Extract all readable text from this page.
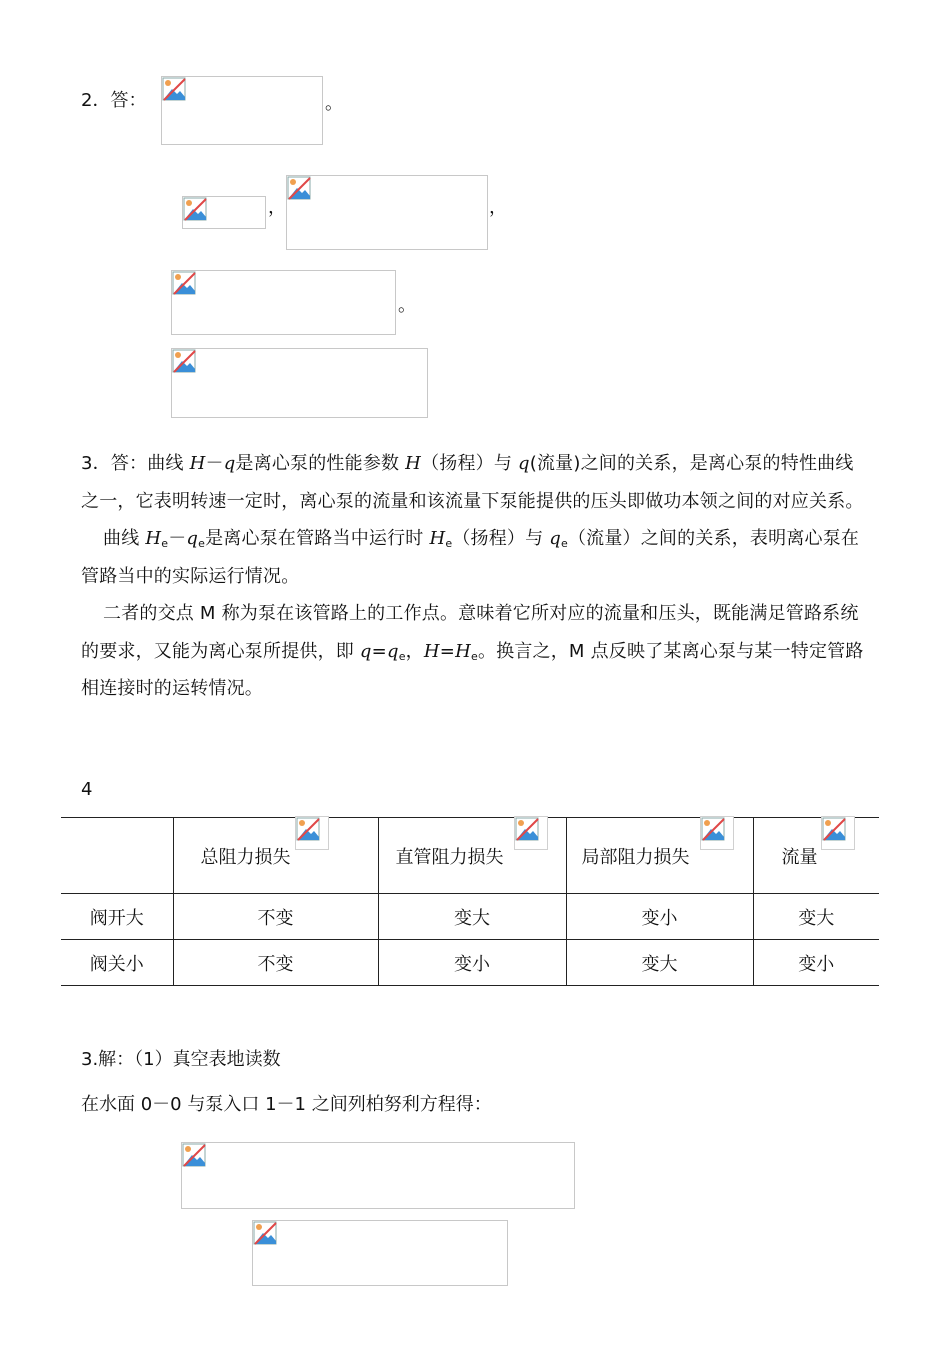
2．答：	。
，	，
。

3．答：曲线 H－q是离心泵的性能参数 H（扬程）与 q(流量)之间的关系，是离心泵的特性曲线之一，它表明转速一定时，离心泵的流量和该流量下泵能提供的压头即做功本领之间的对应关系。

曲线 $H_e-q_e$是离心泵在管路当中运行时 $H_e$（扬程）与 $q_e$（流量）之间的关系，表明离心泵在管路当中的实际运行情况。

二者的交点 M 称为泵在该管路上的工作点。意味着它所对应的流量和压头，既能满足管路系统的要求，又能为离心泵所提供，即 $q=q_e$，$H=H_e$。换言之，M 点反映了某离心泵与某一特定管路相连接时的运转情况。

4
	总阻力损失	直管阻力损失	局部阻力损失	流量

阀开大	不变	变大	变小	变大
阀关小	不变	变小	变大	变小
3.解：（1）真空表地读数
在水面 0－0 与泵入口 1－1 之间列柏努利方程得：
